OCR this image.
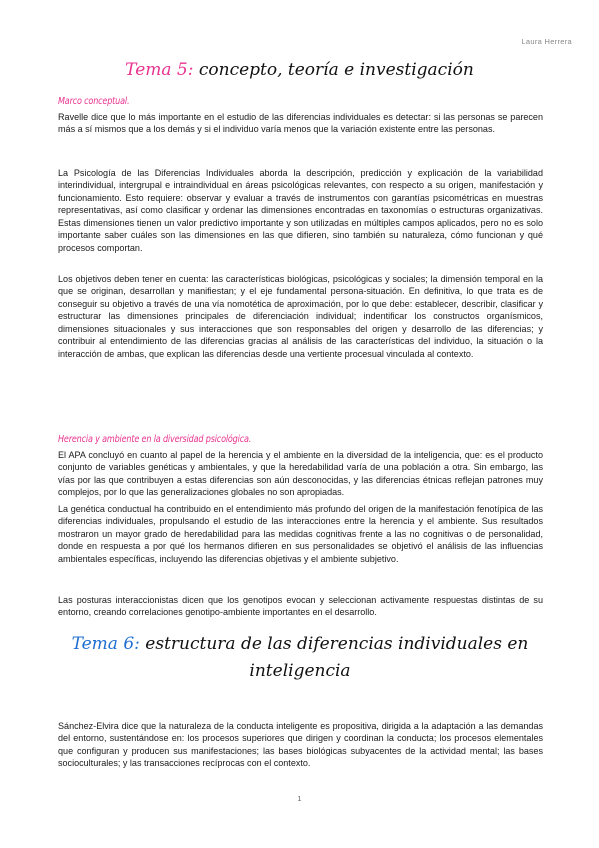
Laura Herrera
Tema 5: concepto, teoría e investigación
Marco conceptual.

Ravelle dice que lo más importante en el estudio de las diferencias individuales es detectar: si las personas se parecen más a sí mismos que a los demás y si el individuo varía menos que la variación existente entre las personas.

La Psicología de las Diferencias Individuales aborda la descripción, predicción y explicación de la variabilidad interindividual, intergrupal e intraindividual en áreas psicológicas relevantes, con respecto a su origen, manifestación y funcionamiento. Esto requiere: observar y evaluar a través de instrumentos con garantías psicométricas en muestras representativas, así como clasificar y ordenar las dimensiones encontradas en taxonomías o estructuras organizativas. Estas dimensiones tienen un valor predictivo importante y son utilizadas en múltiples campos aplicados, pero no es solo importante saber cuáles son las dimensiones en las que difieren, sino también su naturaleza, cómo funcionan y qué procesos comportan.

Los objetivos deben tener en cuenta: las características biológicas, psicológicas y sociales; la dimensión temporal en la que se originan, desarrollan y manifiestan; y el eje fundamental persona-situación. En definitiva, lo que trata es de conseguir su objetivo a través de una vía nomotética de aproximación, por lo que debe: establecer, describir, clasificar y estructurar las dimensiones principales de diferenciación individual; indentificar los constructos organísmicos, dimensiones situacionales y sus interacciones que son responsables del origen y desarrollo de las diferencias; y contribuir al entendimiento de las diferencias gracias al análisis de las características del individuo, la situación o la interacción de ambas, que explican las diferencias desde una vertiente procesual vinculada al contexto.

Herencia y ambiente en la diversidad psicológica.

El APA concluyó en cuanto al papel de la herencia y el ambiente en la diversidad de la inteligencia, que: es el producto conjunto de variables genéticas y ambientales, y que la heredabilidad varía de una población a otra. Sin embargo, las vías por las que contribuyen a estas diferencias son aún desconocidas, y las diferencias étnicas reflejan patrones muy complejos, por lo que las generalizaciones globales no son apropiadas.

La genética conductual ha contribuido en el entendimiento más profundo del origen de la manifestación fenotípica de las diferencias individuales, propulsando el estudio de las interacciones entre la herencia y el ambiente. Sus resultados mostraron un mayor grado de heredabilidad para las medidas cognitivas frente a las no cognitivas o de personalidad, donde en respuesta a por qué los hermanos difieren en sus personalidades se objetivó el análisis de las influencias ambientales específicas, incluyendo las diferencias objetivas y el ambiente subjetivo.

Las posturas interaccionistas dicen que los genotipos evocan y seleccionan activamente respuestas distintas de su entorno, creando correlaciones genotipo-ambiente importantes en el desarrollo.

Tema 6: estructura de las diferencias individuales en inteligencia

Sánchez-Elvira dice que la naturaleza de la conducta inteligente es propositiva, dirigida a la adaptación a las demandas del entorno, sustentándose en: los procesos superiores que dirigen y coordinan la conducta; los procesos elementales que configuran y producen sus manifestaciones; las bases biológicas subyacentes de la actividad mental; las bases socioculturales; y las transacciones recíprocas con el contexto.

1
